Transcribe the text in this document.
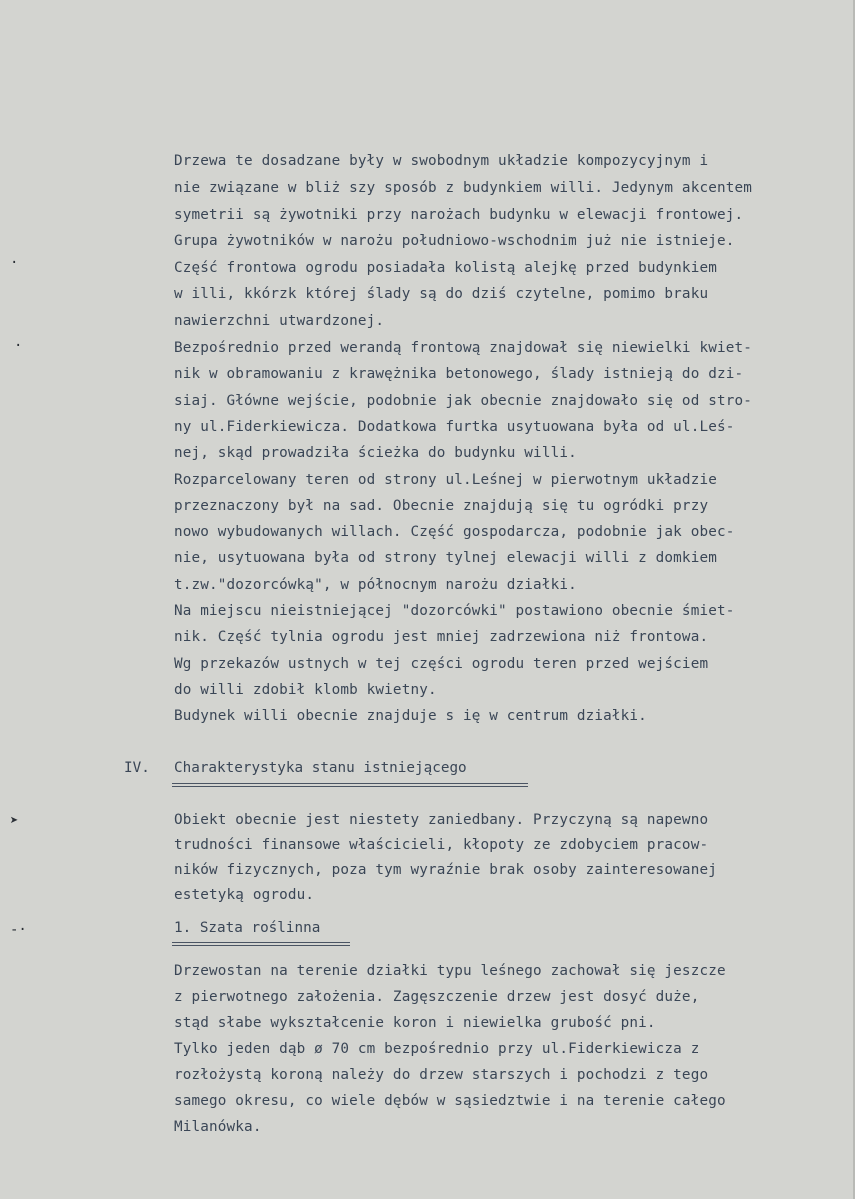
Drzewa te dosadzane były w swobodnym układzie kompozycyjnym i
nie związane w bliż szy sposób z budynkiem willi. Jedynym akcentem
symetrii są żywotniki przy narożach budynku w elewacji frontowej.
Grupa żywotników w narożu południowo-wschodnim już nie istnieje.
Część frontowa ogrodu posiadała kolistą alejkę przed budynkiem
w illi, kkórzk której ślady są do dziś czytelne, pomimo braku
nawierzchni utwardzonej.
Bezpośrednio przed werandą frontową znajdował się niewielki kwiet-
nik w obramowaniu z krawężnika betonowego, ślady istnieją do dzi-
siaj. Główne wejście, podobnie jak obecnie znajdowało się od stro-
ny ul.Fiderkiewicza. Dodatkowa furtka usytuowana była od ul.Leś-
nej, skąd prowadziła ścieżka do budynku willi.
Rozparcelowany teren od strony ul.Leśnej w pierwotnym układzie
przeznaczony był na sad. Obecnie znajdują się tu ogródki przy
nowo wybudowanych willach. Część gospodarcza, podobnie jak obec-
nie, usytuowana była od strony tylnej elewacji willi z domkiem
t.zw."dozorcówką", w północnym narożu działki.
Na miejscu nieistniejącej "dozorcówki" postawiono obecnie śmiet-
nik. Część tylnia ogrodu jest mniej zadrzewiona niż frontowa.
Wg przekazów ustnych w tej części ogrodu teren przed wejściem
do willi zdobił klomb kwietny.
Budynek willi obecnie znajduje s ię w centrum działki.
IV. Charakterystyka stanu istniejącego
Obiekt obecnie jest niestety zaniedbany. Przyczyną są napewno
trudności finansowe właścicieli, kłopoty ze zdobyciem pracow-
ników fizycznych, poza tym wyraźnie brak osoby zainteresowanej
estetyką ogrodu.
1. Szata roślinna
Drzewostan na terenie działki typu leśnego zachował się jeszcze
z pierwotnego założenia. Zagęszczenie drzew jest dosyć duże,
stąd słabe wykształcenie koron i niewielka grubość pni.
Tylko jeden dąb ø 70 cm bezpośrednio przy ul.Fiderkiewicza z
rozłożystą koroną należy do drzew starszych i pochodzi z tego
samego okresu, co wiele dębów w sąsiedztwie i na terenie całego
Milanówka.
·
·
➤
-·
